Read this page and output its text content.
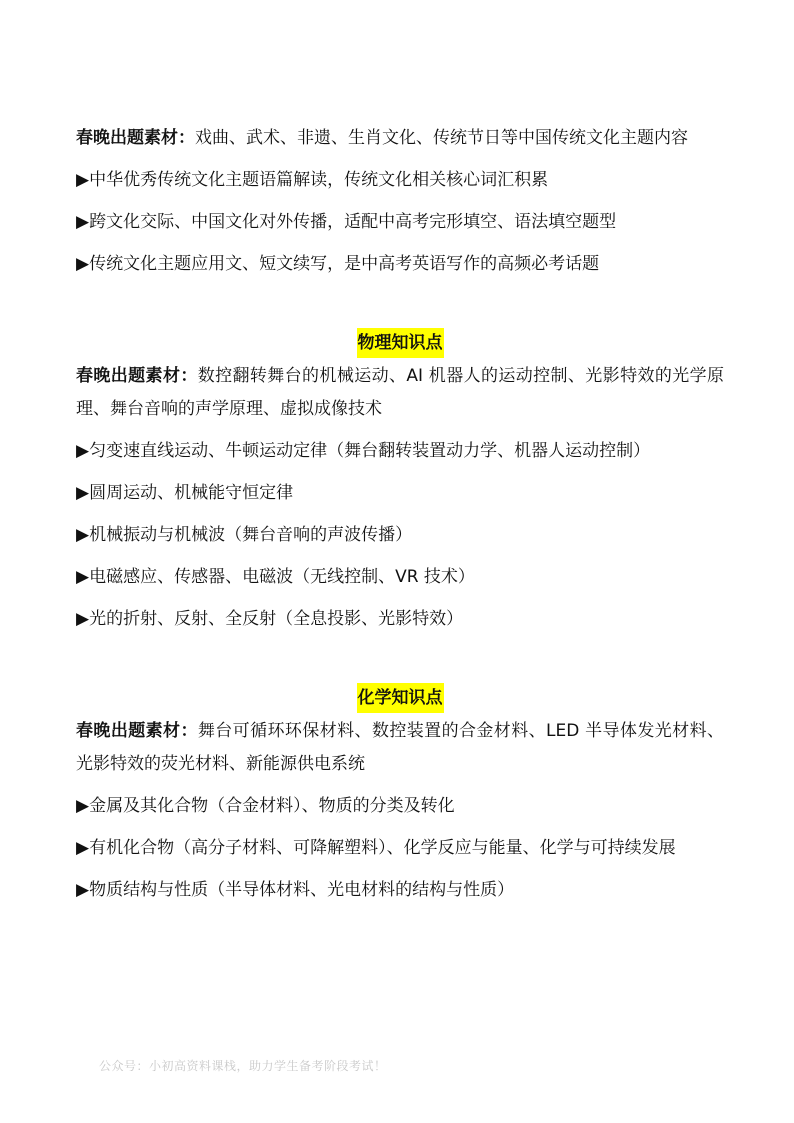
春晚出题素材：戏曲、武术、非遗、生肖文化、传统节日等中国传统文化主题内容

▶中华优秀传统文化主题语篇解读，传统文化相关核心词汇积累

▶跨文化交际、中国文化对外传播，适配中高考完形填空、语法填空题型

▶传统文化主题应用文、短文续写，是中高考英语写作的高频必考话题

物理知识点

春晚出题素材：数控翻转舞台的机械运动、AI 机器人的运动控制、光影特效的光学原理、舞台音响的声学原理、虚拟成像技术

▶匀变速直线运动、牛顿运动定律（舞台翻转装置动力学、机器人运动控制）

▶圆周运动、机械能守恒定律

▶机械振动与机械波（舞台音响的声波传播）

▶电磁感应、传感器、电磁波（无线控制、VR 技术）

▶光的折射、反射、全反射（全息投影、光影特效）

化学知识点

春晚出题素材：舞台可循环环保材料、数控装置的合金材料、LED 半导体发光材料、光影特效的荧光材料、新能源供电系统

▶金属及其化合物（合金材料）、物质的分类及转化

▶有机化合物（高分子材料、可降解塑料）、化学反应与能量、化学与可持续发展

▶物质结构与性质（半导体材料、光电材料的结构与性质）

公众号：小初高资料课栈，助力学生备考阶段考试！
